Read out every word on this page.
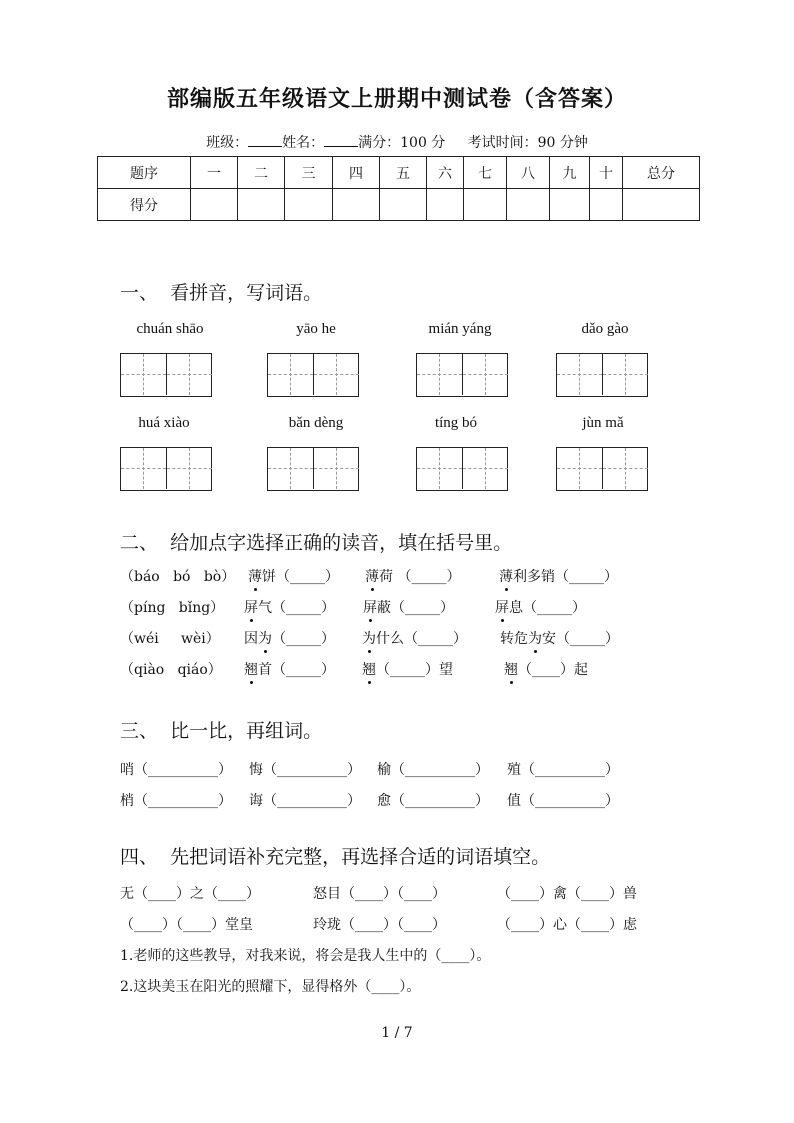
部编版五年级语文上册期中测试卷（含答案）
班级： 姓名： 满分：100 分 考试时间：90 分钟
题序	一	二	三	四	五	六	七	八	九	十	总分
得分											
一、  看拼音，写词语。
chuán shāo	yāo he	mián yáng	dǎo gào
huá xiào	bǎn dèng	tíng bó	jùn mǎ
二、  给加点字选择正确的读音，填在括号里。
（báo   bó   bò） 薄饼（_____） 薄荷 （_____）	薄利多销（_____）
（píng   bǐng） 屏气（_____） 屏蔽（_____）	屏息（_____）
（wéi     wèi） 因为（_____） 为什么（_____） 转危为安（_____）
（qiào   qiáo） 翘首（_____） 翘（_____）望	翘（____）起
三、  比一比，再组词。
哨（__________） 悔（__________） 榆（__________） 殖（__________）
梢（__________） 诲（__________） 愈（__________） 值（__________）
四、  先把词语补充完整，再选择合适的词语填空。
无（____）之（____）	怒目（____）（____）	（____）禽（____）兽
（____）（____）堂皇	玲珑（____）（____）	（____）心（____）虑
1.老师的这些教导，对我来说，将会是我人生中的（____）。
2.这块美玉在阳光的照耀下，显得格外（____）。
1 / 7
